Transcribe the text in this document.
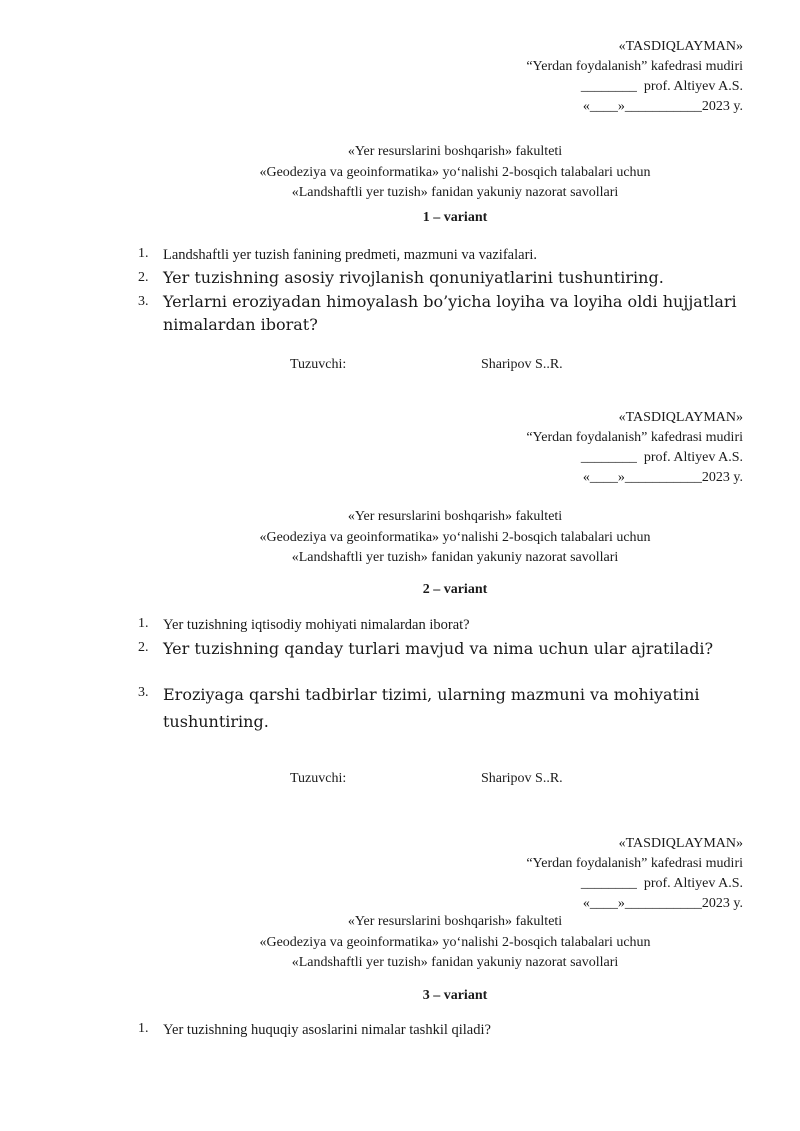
«TASDIQLAYMAN»
“Yerdan foydalanish” kafedrasi mudiri
________  prof. Altiyev A.S.
«____»___________2023 y.
«Yer resurslarini boshqarish» fakulteti
«Geodeziya va geoinformatika» yo‘nalishi 2-bosqich talabalari uchun
«Landshaftli yer tuzish» fanidan yakuniy nazorat savollari
1 – variant
1. Landshaftli yer tuzish fanining predmeti, mazmuni va vazifalari.
2. Yer tuzishning asosiy rivojlanish qonuniyatlarini tushuntiring.
3. Yerlarni eroziyadan himoyalash bo’yicha loyiha va loyiha oldi hujjatlari nimalardan iborat?
Tuzuvchi:	Sharipov S..R.
«TASDIQLAYMAN»
“Yerdan foydalanish” kafedrasi mudiri
________  prof. Altiyev A.S.
«____»___________2023 y.
«Yer resurslarini boshqarish» fakulteti
«Geodeziya va geoinformatika» yo‘nalishi 2-bosqich talabalari uchun
«Landshaftli yer tuzish» fanidan yakuniy nazorat savollari
2 – variant
1. Yer tuzishning iqtisodiy mohiyati nimalardan iborat?
2. Yer tuzishning qanday turlari mavjud va nima uchun ular ajratiladi?
3. Eroziyaga qarshi tadbirlar tizimi, ularning mazmuni va mohiyatini tushuntiring.
Tuzuvchi:	Sharipov S..R.
«TASDIQLAYMAN»
“Yerdan foydalanish” kafedrasi mudiri
________  prof. Altiyev A.S.
«____»___________2023 y.
«Yer resurslarini boshqarish» fakulteti
«Geodeziya va geoinformatika» yo‘nalishi 2-bosqich talabalari uchun
«Landshaftli yer tuzish» fanidan yakuniy nazorat savollari
3 – variant
1. Yer tuzishning huquqiy asoslarini nimalar tashkil qiladi?
